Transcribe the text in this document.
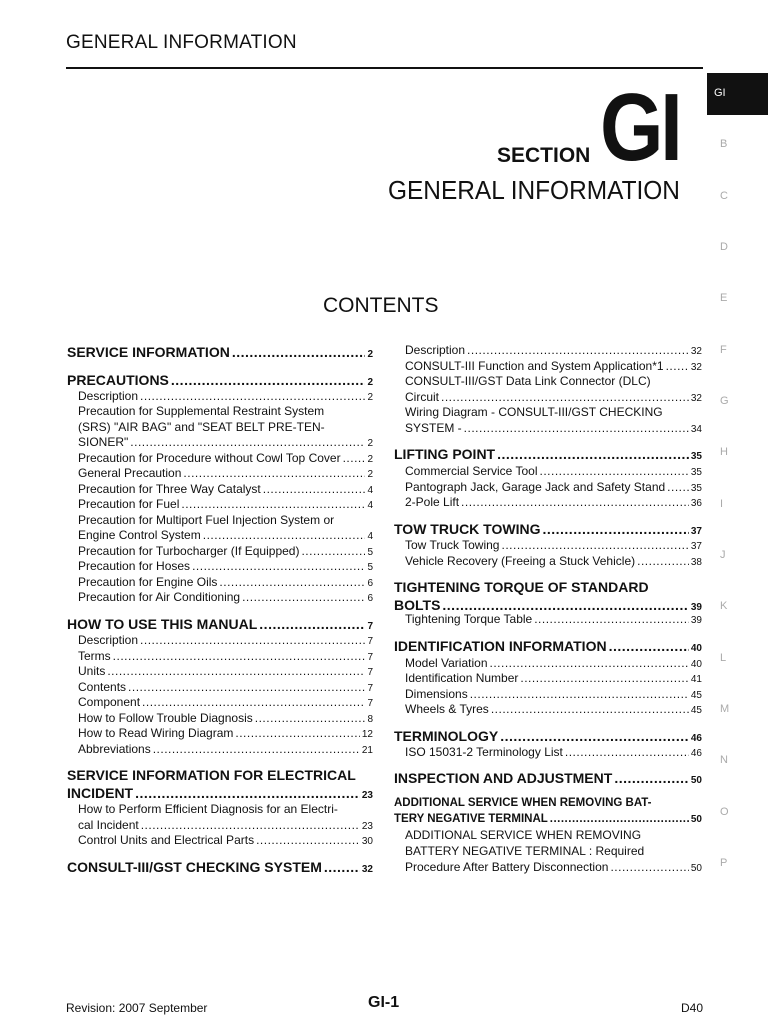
GENERAL INFORMATION
GI
B
C
D
E
F
G
H
I
J
K
L
M
N
O
P
SECTION GI
GENERAL INFORMATION
CONTENTS
SERVICE INFORMATION .....	2
PRECAUTIONS .....	2
Description .....	2
Precaution for Supplemental Restraint System
(SRS) "AIR BAG" and "SEAT BELT PRE-TEN-
SIONER" .....	2
Precaution for Procedure without Cowl Top Cover .....	2
General Precaution .....	2
Precaution for Three Way Catalyst .....	4
Precaution for Fuel .....	4
Precaution for Multiport Fuel Injection System or
Engine Control System .....	4
Precaution for Turbocharger (If Equipped) .....	5
Precaution for Hoses .....	5
Precaution for Engine Oils .....	6
Precaution for Air Conditioning .....	6
HOW TO USE THIS MANUAL .....	7
Description .....	7
Terms .....	7
Units .....	7
Contents .....	7
Component .....	7
How to Follow Trouble Diagnosis .....	8
How to Read Wiring Diagram .....	12
Abbreviations .....	21
SERVICE INFORMATION FOR ELECTRICAL
INCIDENT .....	23
How to Perform Efficient Diagnosis for an Electri-
cal Incident .....	23
Control Units and Electrical Parts .....	30
CONSULT-III/GST CHECKING SYSTEM .....	32
Description .....	32
CONSULT-III Function and System Application*1 .....	32
CONSULT-III/GST Data Link Connector (DLC)
Circuit .....	32
Wiring Diagram - CONSULT-III/GST CHECKING
SYSTEM - .....	34
LIFTING POINT .....	35
Commercial Service Tool .....	35
Pantograph Jack, Garage Jack and Safety Stand .....	35
2-Pole Lift .....	36
TOW TRUCK TOWING .....	37
Tow Truck Towing .....	37
Vehicle Recovery (Freeing a Stuck Vehicle) .....	38
TIGHTENING TORQUE OF STANDARD
BOLTS .....	39
Tightening Torque Table .....	39
IDENTIFICATION INFORMATION .....	40
Model Variation .....	40
Identification Number .....	41
Dimensions .....	45
Wheels & Tyres .....	45
TERMINOLOGY .....	46
ISO 15031-2 Terminology List .....	46
INSPECTION AND ADJUSTMENT .....	50
ADDITIONAL SERVICE WHEN REMOVING BAT-
TERY NEGATIVE TERMINAL .....	50
ADDITIONAL SERVICE WHEN REMOVING
BATTERY NEGATIVE TERMINAL : Required
Procedure After Battery Disconnection .....	50
Revision: 2007 September	GI-1	D40
